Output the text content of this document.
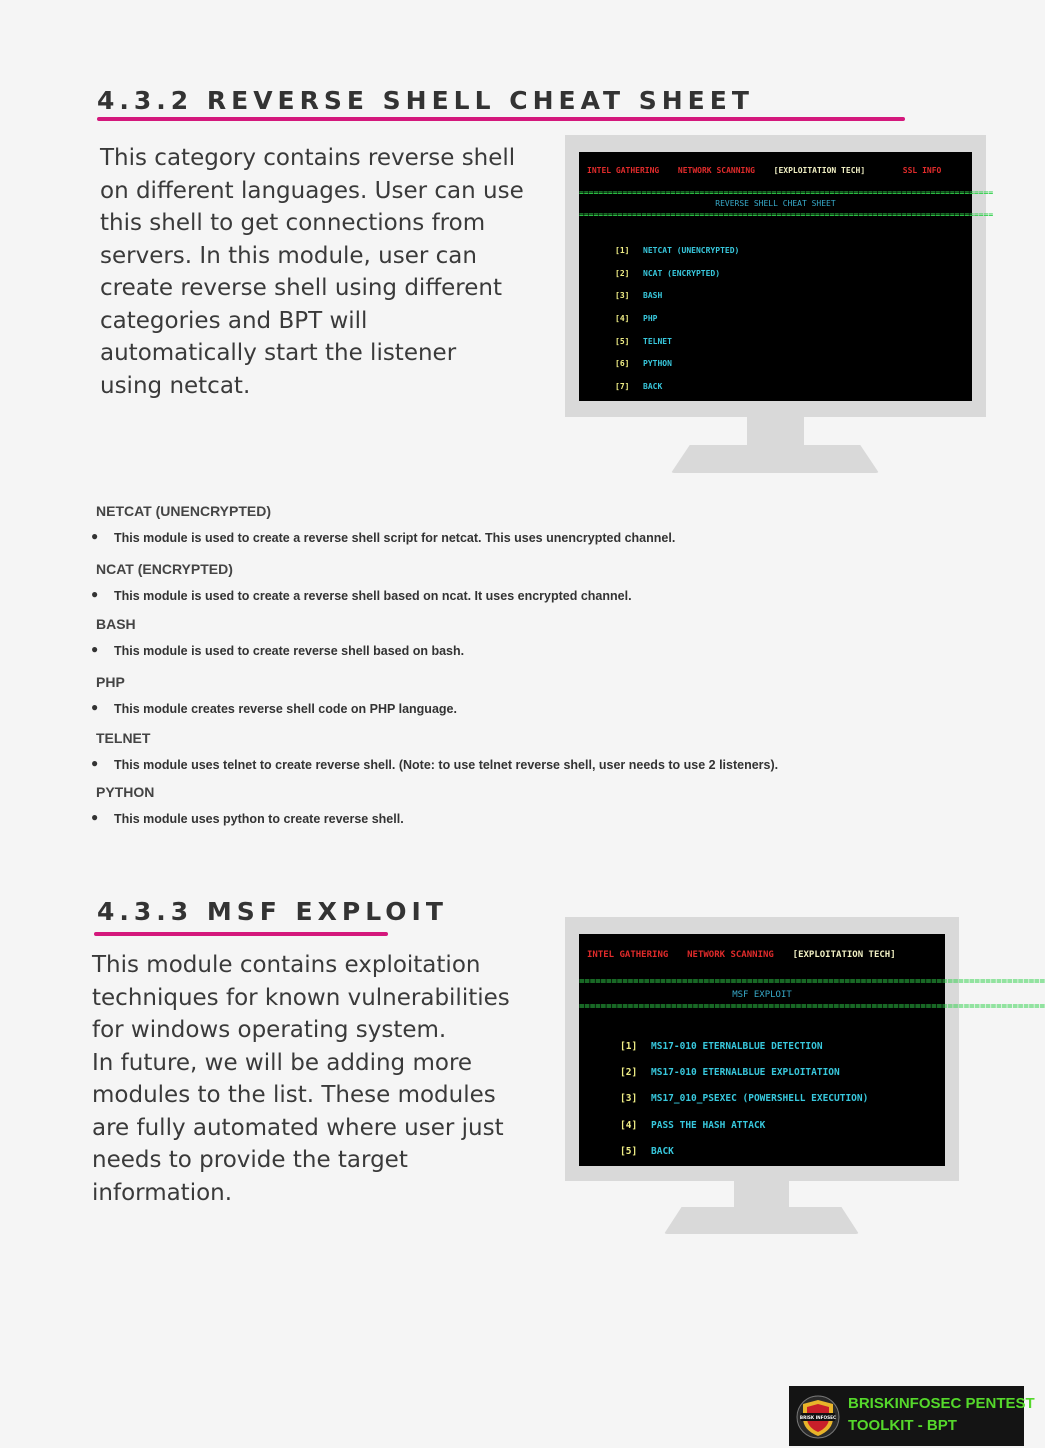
4.3.2 REVERSE SHELL CHEAT SHEET

This category contains reverse shell

on different languages. User can use

this shell to get connections from

servers. In this module, user can

create reverse shell using different

categories and BPT will

automatically start the listener

using netcat.

INTEL GATHERING NETWORK SCANNING [EXPLOITATION TECH]	SSL INFO
======================================================================================
REVERSE SHELL CHEAT SHEET
======================================================================================
[1] NETCAT (UNENCRYPTED)
[2] NCAT (ENCRYPTED)
[3] BASH
[4] PHP
[5] TELNET
[6] PYTHON
[7] BACK

NETCAT (UNENCRYPTED)

● This module is used to create a reverse shell script for netcat. This uses unencrypted channel.

NCAT (ENCRYPTED)

● This module is used to create a reverse shell based on ncat. It uses encrypted channel.

BASH

● This module is used to create reverse shell based on bash.

PHP

● This module creates reverse shell code on PHP language.

TELNET

● This module uses telnet to create reverse shell. (Note: to use telnet reverse shell, user needs to use 2 listeners).

PYTHON

● This module uses python to create reverse shell.

4.3.3 MSF EXPLOIT

This module contains exploitation

techniques for known vulnerabilities

for windows operating system.

In future, we will be adding more

modules to the list. These modules

are fully automated where user just

needs to provide the target

information.

INTEL GATHERING NETWORK SCANNING [EXPLOITATION TECH]
======================================================================================
MSF EXPLOIT
======================================================================================
[1] MS17-010 ETERNALBLUE DETECTION
[2] MS17-010 ETERNALBLUE EXPLOITATION
[3] MS17_010_PSEXEC (POWERSHELL EXECUTION)
[4] PASS THE HASH ATTACK
[5] BACK
BRISK INFOSEC
BRISKINFOSEC PENTEST
TOOLKIT - BPT
